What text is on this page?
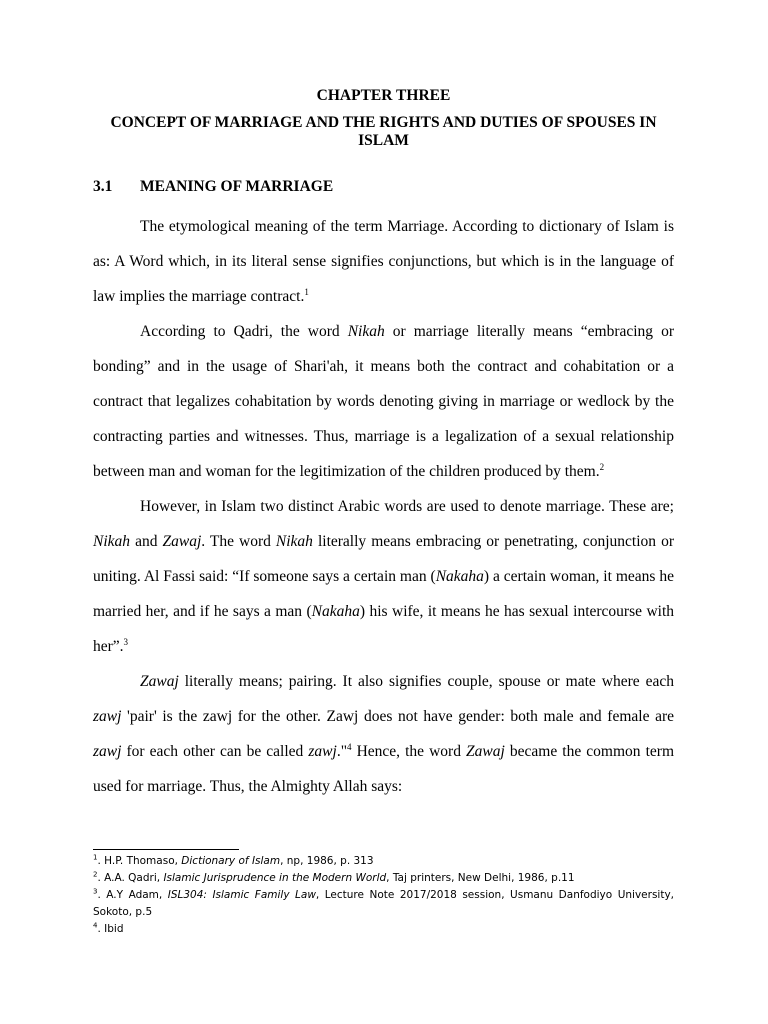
CHAPTER THREE
CONCEPT OF MARRIAGE AND THE RIGHTS AND DUTIES OF SPOUSES IN ISLAM
3.1 MEANING OF MARRIAGE

The etymological meaning of the term Marriage. According to dictionary of Islam is as: A Word which, in its literal sense signifies conjunctions, but which is in the language of law implies the marriage contract.$^1$

According to Qadri, the word Nikah or marriage literally means “embracing or bonding” and in the usage of Shari'ah, it means both the contract and cohabitation or a contract that legalizes cohabitation by words denoting giving in marriage or wedlock by the contracting parties and witnesses. Thus, marriage is a legalization of a sexual relationship between man and woman for the legitimization of the children produced by them.$^2$

However, in Islam two distinct Arabic words are used to denote marriage. These are; Nikah and Zawaj. The word Nikah literally means embracing or penetrating, conjunction or uniting. Al Fassi said: “If someone says a certain man (Nakaha) a certain woman, it means he married her, and if he says a man (Nakaha) his wife, it means he has sexual intercourse with her”.$^3$

Zawaj literally means; pairing. It also signifies couple, spouse or mate where each zawj 'pair' is the zawj for the other. Zawj does not have gender: both male and female are zawj for each other can be called zawj."$^4$ Hence, the word Zawaj became the common term used for marriage. Thus, the Almighty Allah says:

$^1$. H.P. Thomaso, Dictionary of Islam, np, 1986, p. 313
$^2$. A.A. Qadri, Islamic Jurisprudence in the Modern World, Taj printers, New Delhi, 1986, p.11
$^3$. A.Y Adam, ISL304: Islamic Family Law, Lecture Note 2017/2018 session, Usmanu Danfodiyo University, Sokoto, p.5
$^4$. Ibid
